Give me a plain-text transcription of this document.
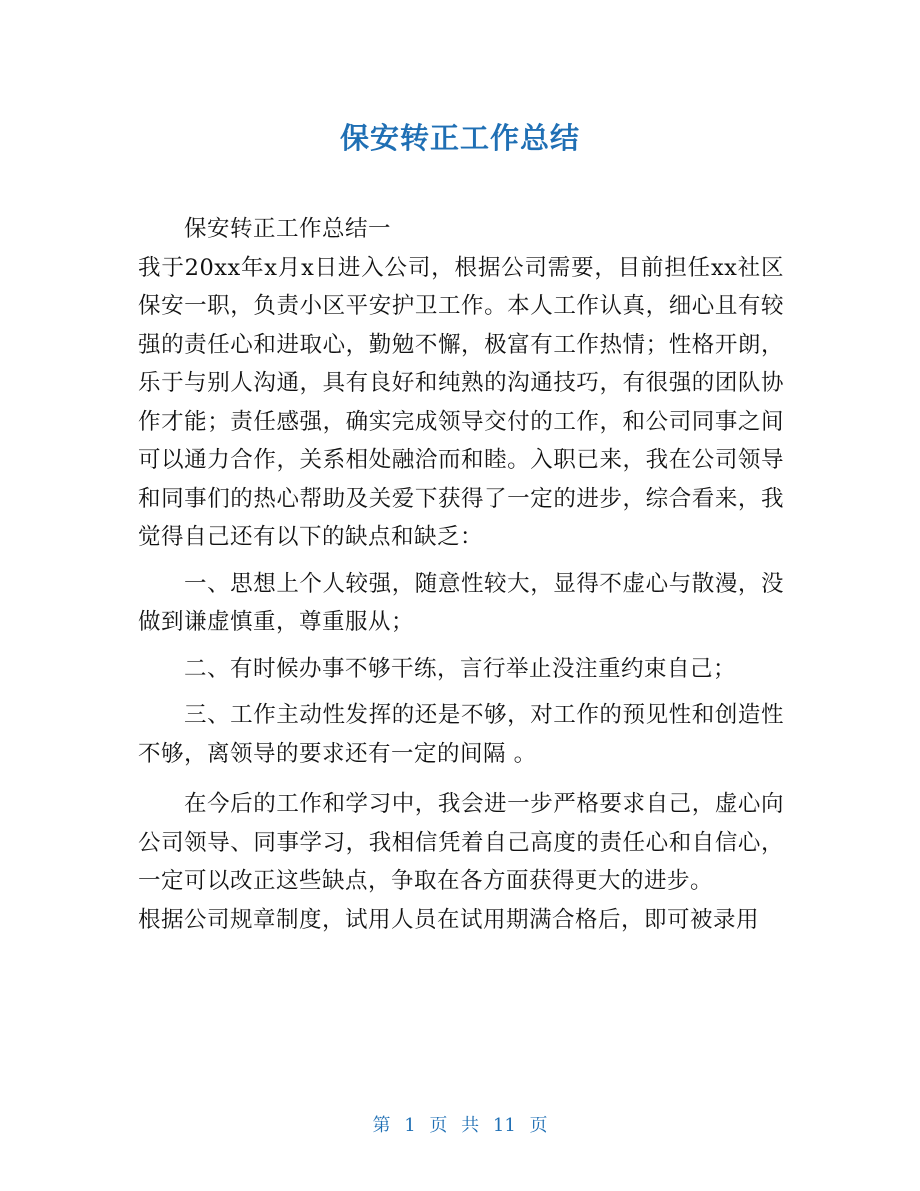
保安转正工作总结

保安转正工作总结一

我于20xx年x月x日进入公司，根据公司需要，目前担任xx社区保安一职，负责小区平安护卫工作。本人工作认真，细心且有较强的责任心和进取心，勤勉不懈，极富有工作热情；性格开朗，乐于与别人沟通，具有良好和纯熟的沟通技巧，有很强的团队协作才能；责任感强，确实完成领导交付的工作，和公司同事之间可以通力合作，关系相处融洽而和睦。入职已来，我在公司领导和同事们的热心帮助及关爱下获得了一定的进步，综合看来，我觉得自己还有以下的缺点和缺乏：

一、思想上个人较强，随意性较大，显得不虚心与散漫，没做到谦虚慎重，尊重服从；

二、有时候办事不够干练，言行举止没注重约束自己；

三、工作主动性发挥的还是不够，对工作的预见性和创造性不够，离领导的要求还有一定的间隔 。

在今后的工作和学习中，我会进一步严格要求自己，虚心向公司领导、同事学习，我相信凭着自己高度的责任心和自信心，一定可以改正这些缺点，争取在各方面获得更大的进步。

根据公司规章制度，试用人员在试用期满合格后，即可被录用

第 1 页 共 11 页
